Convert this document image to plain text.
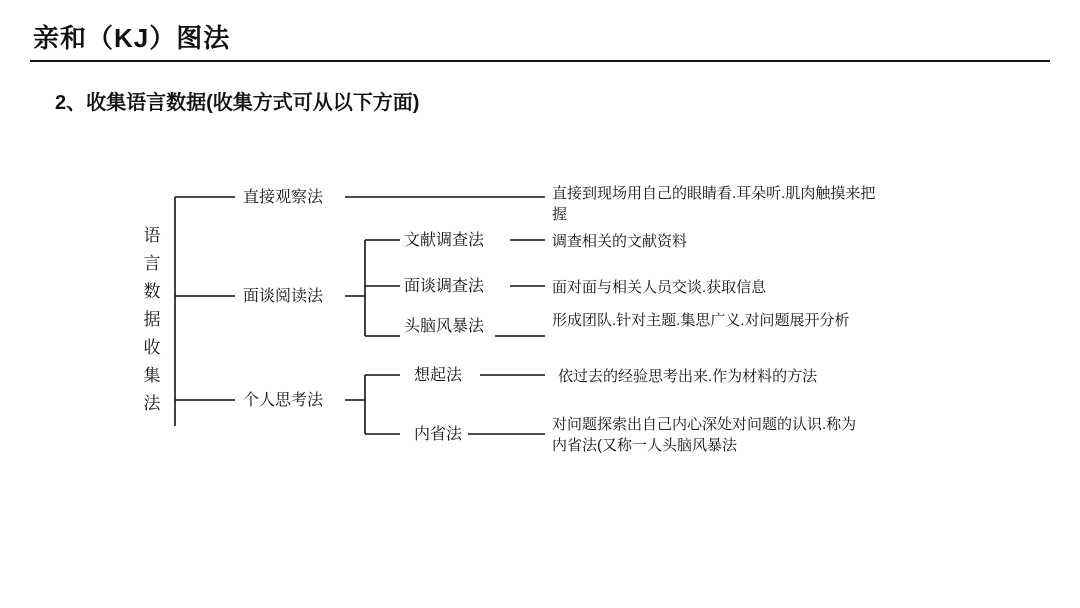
亲和（KJ）图法
2、收集语言数据(收集方式可从以下方面)
语
言
数
据
收
集
法
直接观察法
面谈阅读法
个人思考法
文献调查法
面谈调查法
头脑风暴法
想起法
内省法
直接到现场用自己的眼睛看.耳朵听.肌肉触摸来把握
调查相关的文献资料
面对面与相关人员交谈.获取信息
形成团队.针对主题.集思广义.对问题展开分析
依过去的经验思考出来.作为材料的方法
对问题探索出自己内心深处对问题的认识.称为内省法(又称一人头脑风暴法
